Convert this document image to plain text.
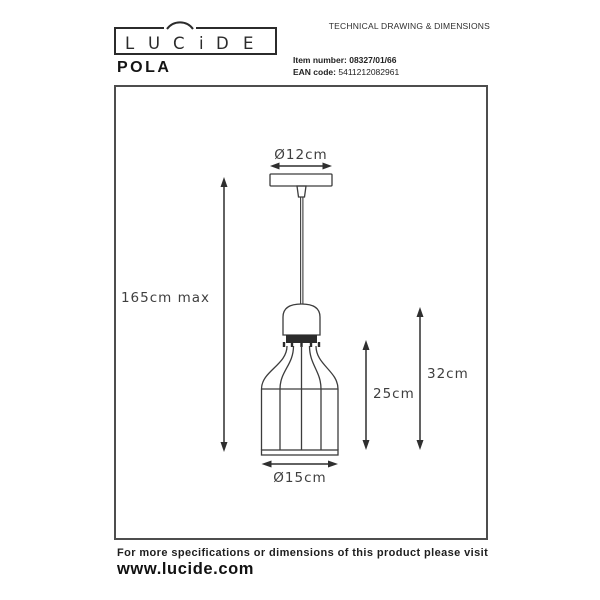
L U C i D E
TECHNICAL DRAWING & DIMENSIONS
POLA	Item number: 08327/01/66
EAN code: 5411212082961
Ø12cm
165cm max
25cm
32cm
Ø15cm
For more specifications or dimensions of this product please visit
www.lucide.com
